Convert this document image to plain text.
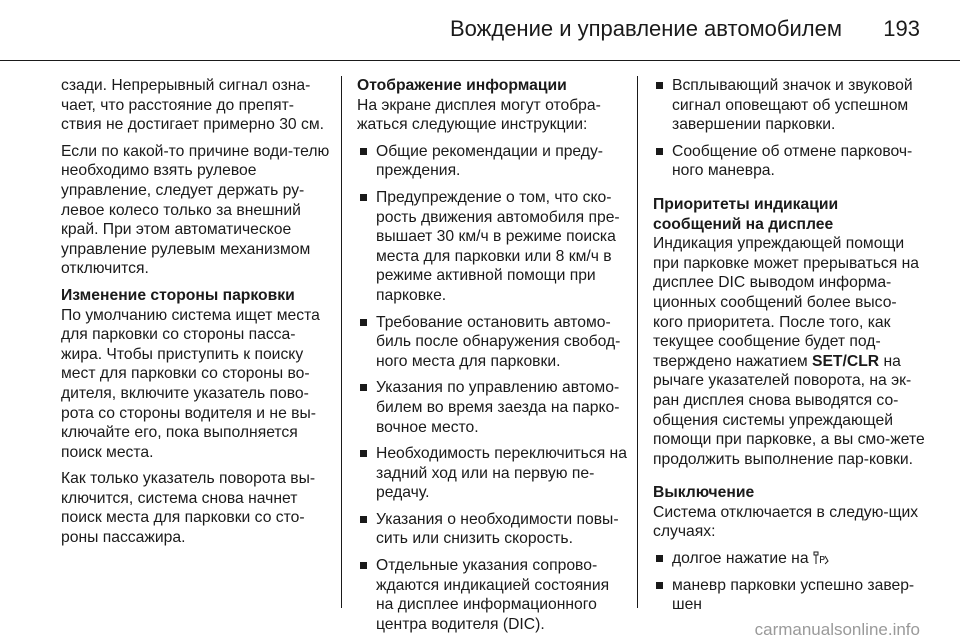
Вождение и управление автомобилем 193

сзади. Непрерывный сигнал озна-чает, что расстояние до препят-ствия не достигает примерно 30 см.

Если по какой-то причине води-телю необходимо взять рулевое управление, следует держать ру-левое колесо только за внешний край. При этом автоматическое управление рулевым механизмом отключится.

Изменение стороны парковки

По умолчанию система ищет места для парковки со стороны пасса-жира. Чтобы приступить к поиску мест для парковки со стороны во-дителя, включите указатель пово-рота со стороны водителя и не вы-ключайте его, пока выполняется поиск места.

Как только указатель поворота вы-ключится, система снова начнет поиск места для парковки со сто-роны пассажира.

Отображение информации

На экране дисплея могут отобра-жаться следующие инструкции:

Общие рекомендации и преду-преждения.
Предупреждение о том, что ско-рость движения автомобиля пре-вышает 30 км/ч в режиме поиска места для парковки или 8 км/ч в режиме активной помощи при парковке.
Требование остановить автомо-биль после обнаружения свобод-ного места для парковки.
Указания по управлению автомо-билем во время заезда на парко-вочное место.
Необходимость переключиться на задний ход или на первую пе-редачу.
Указания о необходимости повы-сить или снизить скорость.
Отдельные указания сопрово-ждаются индикацией состояния на дисплее информационного центра водителя (DIC).
Всплывающий значок и звуковой сигнал оповещают об успешном завершении парковки.
Сообщение об отмене парковоч-ного маневра.
Приоритеты индикации сообщений на дисплее

Индикация упреждающей помощи при парковке может прерываться на дисплее DIC выводом информа-ционных сообщений более высо-кого приоритета. После того, как текущее сообщение будет под-тверждено нажатием SET/CLR на рычаге указателей поворота, на эк-ран дисплея снова выводятся со-общения системы упреждающей помощи при парковке, а вы смо-жете продолжить выполнение пар-ковки.

Выключение

Система отключается в следую-щих случаях:

долгое нажатие на P
маневр парковки успешно завер-шен
carmanualsonline.info
